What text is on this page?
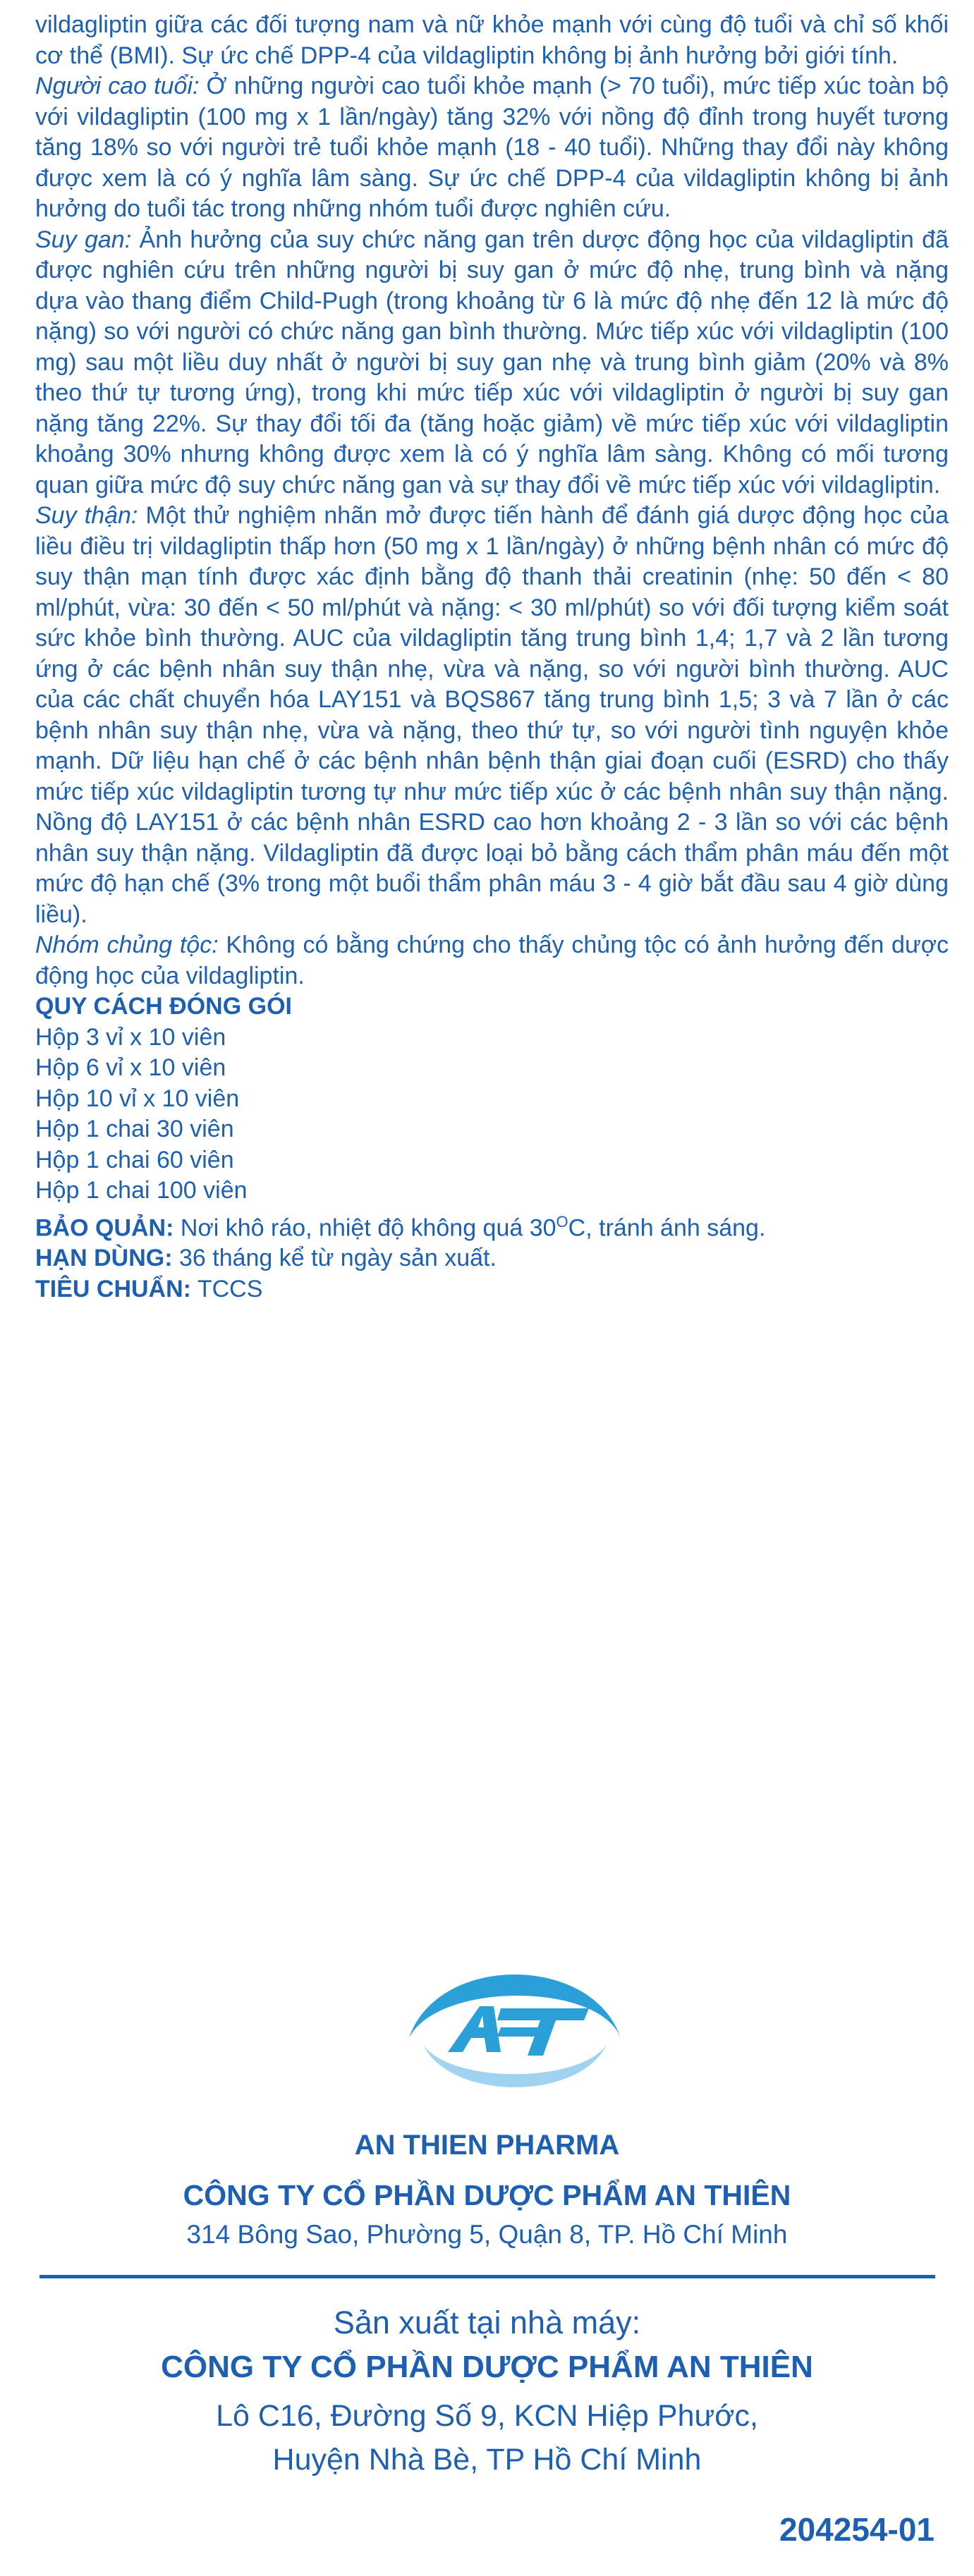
vildagliptin giữa các đối tượng nam và nữ khỏe mạnh với cùng độ tuổi và chỉ số khối cơ thể (BMI). Sự ức chế DPP-4 của vildagliptin không bị ảnh hưởng bởi giới tính.

Người cao tuổi: Ở những người cao tuổi khỏe mạnh (> 70 tuổi), mức tiếp xúc toàn bộ với vildagliptin (100 mg x 1 lần/ngày) tăng 32% với nồng độ đỉnh trong huyết tương tăng 18% so với người trẻ tuổi khỏe mạnh (18 - 40 tuổi). Những thay đổi này không được xem là có ý nghĩa lâm sàng. Sự ức chế DPP-4 của vildagliptin không bị ảnh hưởng do tuổi tác trong những nhóm tuổi được nghiên cứu.

Suy gan: Ảnh hưởng của suy chức năng gan trên dược động học của vildagliptin đã được nghiên cứu trên những người bị suy gan ở mức độ nhẹ, trung bình và nặng dựa vào thang điểm Child-Pugh (trong khoảng từ 6 là mức độ nhẹ đến 12 là mức độ nặng) so với người có chức năng gan bình thường. Mức tiếp xúc với vildagliptin (100 mg) sau một liều duy nhất ở người bị suy gan nhẹ và trung bình giảm (20% và 8% theo thứ tự tương ứng), trong khi mức tiếp xúc với vildagliptin ở người bị suy gan nặng tăng 22%. Sự thay đổi tối đa (tăng hoặc giảm) về mức tiếp xúc với vildagliptin khoảng 30% nhưng không được xem là có ý nghĩa lâm sàng. Không có mối tương quan giữa mức độ suy chức năng gan và sự thay đổi về mức tiếp xúc với vildagliptin.

Suy thận: Một thử nghiệm nhãn mở được tiến hành để đánh giá dược động học của liều điều trị vildagliptin thấp hơn (50 mg x 1 lần/ngày) ở những bệnh nhân có mức độ suy thận mạn tính được xác định bằng độ thanh thải creatinin (nhẹ: 50 đến < 80 ml/phút, vừa: 30 đến < 50 ml/phút và nặng: < 30 ml/phút) so với đối tượng kiểm soát sức khỏe bình thường. AUC của vildagliptin tăng trung bình 1,4; 1,7 và 2 lần tương ứng ở các bệnh nhân suy thận nhẹ, vừa và nặng, so với người bình thường. AUC của các chất chuyển hóa LAY151 và BQS867 tăng trung bình 1,5; 3 và 7 lần ở các bệnh nhân suy thận nhẹ, vừa và nặng, theo thứ tự, so với người tình nguyện khỏe mạnh. Dữ liệu hạn chế ở các bệnh nhân bệnh thận giai đoạn cuối (ESRD) cho thấy mức tiếp xúc vildagliptin tương tự như mức tiếp xúc ở các bệnh nhân suy thận nặng. Nồng độ LAY151 ở các bệnh nhân ESRD cao hơn khoảng 2 - 3 lần so với các bệnh nhân suy thận nặng. Vildagliptin đã được loại bỏ bằng cách thẩm phân máu đến một mức độ hạn chế (3% trong một buổi thẩm phân máu 3 - 4 giờ bắt đầu sau 4 giờ dùng liều).

Nhóm chủng tộc: Không có bằng chứng cho thấy chủng tộc có ảnh hưởng đến dược động học của vildagliptin.

QUY CÁCH ĐÓNG GÓI

Hộp 3 vỉ x 10 viên

Hộp 6 vỉ x 10 viên

Hộp 10 vỉ x 10 viên

Hộp 1 chai 30 viên

Hộp 1 chai 60 viên

Hộp 1 chai 100 viên

BẢO QUẢN: Nơi khô ráo, nhiệt độ không quá $30^OC$, tránh ánh sáng.

HẠN DÙNG: 36 tháng kể từ ngày sản xuất.

TIÊU CHUẨN: TCCS

AN THIEN PHARMA
CÔNG TY CỔ PHẦN DƯỢC PHẨM AN THIÊN
314 Bông Sao, Phường 5, Quận 8, TP. Hồ Chí Minh
Sản xuất tại nhà máy:
CÔNG TY CỔ PHẦN DƯỢC PHẨM AN THIÊN
Lô C16, Đường Số 9, KCN Hiệp Phước,
Huyện Nhà Bè, TP Hồ Chí Minh
204254-01
